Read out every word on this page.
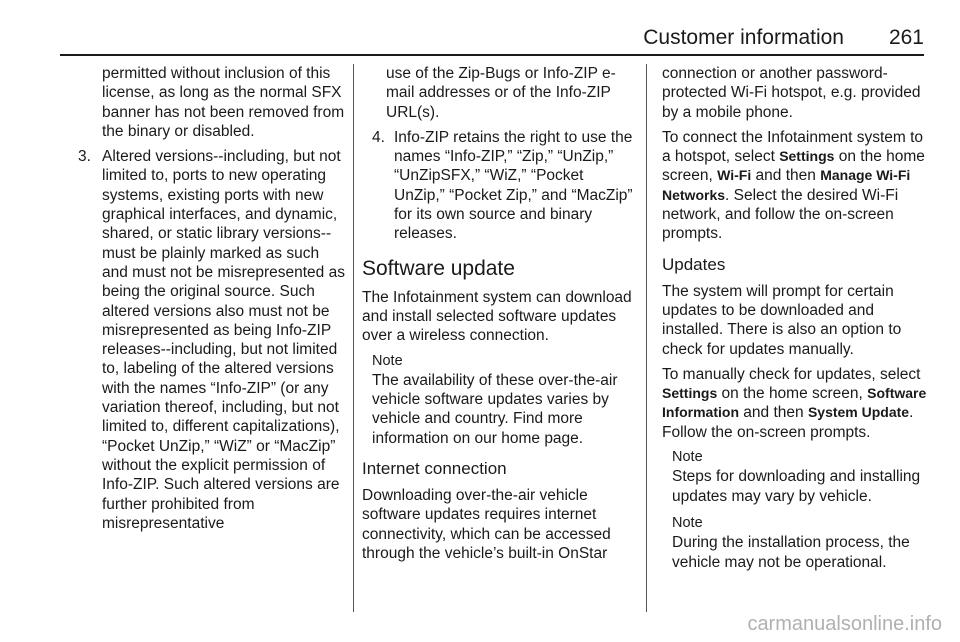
Customer information 261
permitted without inclusion of this license, as long as the normal SFX banner has not been removed from the binary or disabled.
3. Altered versions--including, but not limited to, ports to new operating systems, existing ports with new graphical interfaces, and dynamic, shared, or static library versions--must be plainly marked as such and must not be misrepresented as being the original source. Such altered versions also must not be misrepresented as being Info-ZIP releases--including, but not limited to, labeling of the altered versions with the names “Info-ZIP” (or any variation thereof, including, but not limited to, different capitalizations), “Pocket UnZip,” “WiZ” or “MacZip” without the explicit permission of Info-ZIP. Such altered versions are further prohibited from misrepresentative
use of the Zip-Bugs or Info-ZIP e-mail addresses or of the Info-ZIP URL(s).
4. Info-ZIP retains the right to use the names “Info-ZIP,” “Zip,” “UnZip,” “UnZipSFX,” “WiZ,” “Pocket UnZip,” “Pocket Zip,” and “MacZip” for its own source and binary releases.
Software update
The Infotainment system can download and install selected software updates over a wireless connection.
Note
The availability of these over-the-air vehicle software updates varies by vehicle and country. Find more information on our home page.
Internet connection
Downloading over-the-air vehicle software updates requires internet connectivity, which can be accessed through the vehicle’s built-in OnStar
connection or another password-protected Wi-Fi hotspot, e.g. provided by a mobile phone.
To connect the Infotainment system to a hotspot, select Settings on the home screen, Wi-Fi and then Manage Wi-Fi Networks. Select the desired Wi-Fi network, and follow the on-screen prompts.
Updates
The system will prompt for certain updates to be downloaded and installed. There is also an option to check for updates manually.
To manually check for updates, select Settings on the home screen, Software Information and then System Update. Follow the on-screen prompts.
Note
Steps for downloading and installing updates may vary by vehicle.
Note
During the installation process, the vehicle may not be operational.
carmanualsonline.info
